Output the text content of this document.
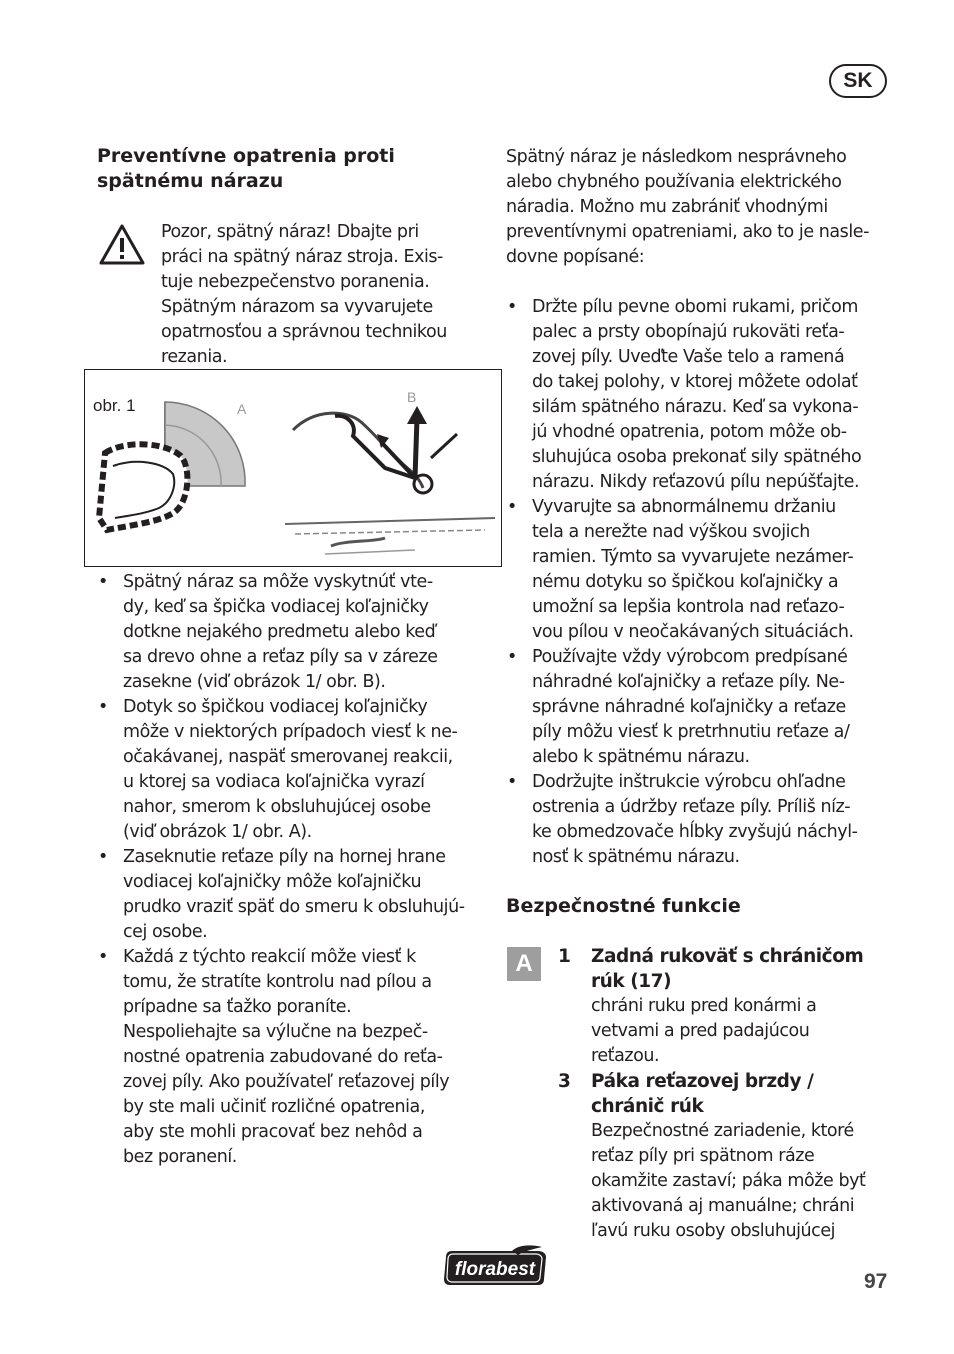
SK
Preventívne opatrenia proti spätnému nárazu
Pozor, spätný náraz! Dbajte pri
práci na spätný náraz stroja. Exis-
tuje nebezpečenstvo poranenia.
Spätným nárazom sa vyvarujete
opatrnosťou a správnou technikou
rezania.
obr. 1	A
B
• Spätný náraz sa môže vyskytnúť vte-
dy, keď sa špička vodiacej koľajničky
dotkne nejakého predmetu alebo keď
sa drevo ohne a reťaz píly sa v záreze
zasekne (viď obrázok 1/ obr. B).
• Dotyk so špičkou vodiacej koľajničky
môže v niektorých prípadoch viesť k ne-
očakávanej, naspäť smerovanej reakcii,
u ktorej sa vodiaca koľajnička vyrazí
nahor, smerom k obsluhujúcej osobe
(viď obrázok 1/ obr. A).
• Zaseknutie reťaze píly na hornej hrane
vodiacej koľajničky môže koľajničku
prudko vraziť späť do smeru k obsluhujú-
cej osobe.
• Každá z týchto reakcií môže viesť k
tomu, že stratíte kontrolu nad pílou a
prípadne sa ťažko poraníte.
Nespoliehajte sa výlučne na bezpeč-
nostné opatrenia zabudované do reťa-
zovej píly. Ako používateľ reťazovej píly
by ste mali učiniť rozličné opatrenia,
aby ste mohli pracovať bez nehôd a
bez poranení.
Spätný náraz je následkom nesprávneho
alebo chybného používania elektrického
náradia. Možno mu zabrániť vhodnými
preventívnymi opatreniami, ako to je nasle-
dovne popísané:
• Držte pílu pevne obomi rukami, pričom
palec a prsty obopínajú rukoväti reťa-
zovej píly. Uveďte Vaše telo a ramená
do takej polohy, v ktorej môžete odolať
silám spätného nárazu. Keď sa vykona-
jú vhodné opatrenia, potom môže ob-
sluhujúca osoba prekonať sily spätného
nárazu. Nikdy reťazovú pílu nepúšťajte.
• Vyvarujte sa abnormálnemu držaniu
tela a nerežte nad výškou svojich
ramien. Týmto sa vyvarujete nezámer-
nému dotyku so špičkou koľajničky a
umožní sa lepšia kontrola nad reťazo-
vou pílou v neočakávaných situáciách.
• Používajte vždy výrobcom predpísané
náhradné koľajničky a reťaze píly. Ne-
správne náhradné koľajničky a reťaze
píly môžu viesť k pretrhnutiu reťaze a/
alebo k spätnému nárazu.
• Dodržujte inštrukcie výrobcu ohľadne
ostrenia a údržby reťaze píly. Príliš níz-
ke obmedzovače hĺbky zvyšujú náchyl-
nosť k spätnému nárazu.
Bezpečnostné funkcie
A	1 Zadná rukoväť s chráničom
rúk (17)
chráni ruku pred konármi a
vetvami a pred padajúcou
reťazou.
3 Páka reťazovej brzdy /
chránič rúk
Bezpečnostné zariadenie, ktoré
reťaz píly pri spätnom ráze
okamžite zastaví; páka môže byť
aktivovaná aj manuálne; chráni
ľavú ruku osoby obsluhujúcej
florabest
97
